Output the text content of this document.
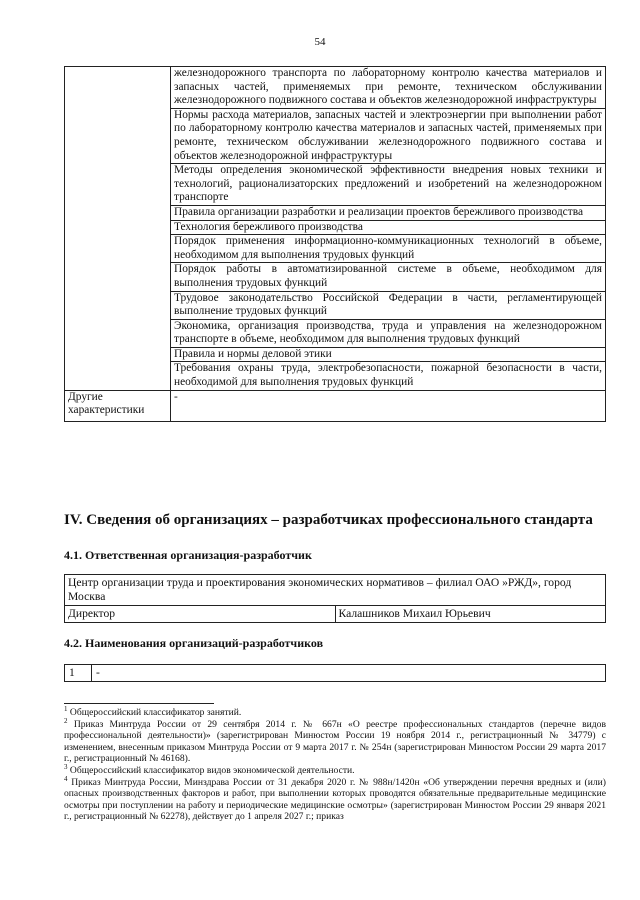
54
	железнодорожного транспорта по лабораторному контролю качества материалов и запасных частей, применяемых при ремонте, техническом обслуживании железнодорожного подвижного состава и объектов железнодорожной инфраструктуры
	Нормы расхода материалов, запасных частей и электроэнергии при выполнении работ по лабораторному контролю качества материалов и запасных частей, применяемых при ремонте, техническом обслуживании железнодорожного подвижного состава и объектов железнодорожной инфраструктуры
	Методы определения экономической эффективности внедрения новых техники и технологий, рационализаторских предложений и изобретений на железнодорожном транспорте
	Правила организации разработки и реализации проектов бережливого производства
	Технология бережливого производства
	Порядок применения информационно-коммуникационных технологий в объеме, необходимом для выполнения трудовых функций
	Порядок работы в автоматизированной системе в объеме, необходимом для выполнения трудовых функций
	Трудовое законодательство Российской Федерации в части, регламентирующей выполнение трудовых функций
	Экономика, организация производства, труда и управления на железнодорожном транспорте в объеме, необходимом для выполнения трудовых функций
	Правила и нормы деловой этики
	Требования охраны труда, электробезопасности, пожарной безопасности в части, необходимой для выполнения трудовых функций
Другие характеристики	-
IV. Сведения об организациях – разработчиках профессионального стандарта
4.1. Ответственная организация-разработчик
Центр организации труда и проектирования экономических нормативов – филиал ОАО »РЖД», город Москва
Директор	Калашников Михаил Юрьевич
4.2. Наименования организаций-разработчиков
1	-

$^1$ Общероссийский классификатор занятий.

$^2$ Приказ Минтруда России от 29 сентября 2014 г. № 667н «О реестре профессиональных стандартов (перечне видов профессиональной деятельности)» (зарегистрирован Минюстом России 19 ноября 2014 г., регистрационный № 34779) с изменением, внесенным приказом Минтруда России от 9 марта 2017 г. № 254н (зарегистрирован Минюстом России 29 марта 2017 г., регистрационный № 46168).

$^3$ Общероссийский классификатор видов экономической деятельности.

$^4$ Приказ Минтруда России, Минздрава России от 31 декабря 2020 г. № 988н/1420н «Об утверждении перечня вредных и (или) опасных производственных факторов и работ, при выполнении которых проводятся обязательные предварительные медицинские осмотры при поступлении на работу и периодические медицинские осмотры» (зарегистрирован Минюстом России 29 января 2021 г., регистрационный № 62278), действует до 1 апреля 2027 г.; приказ
